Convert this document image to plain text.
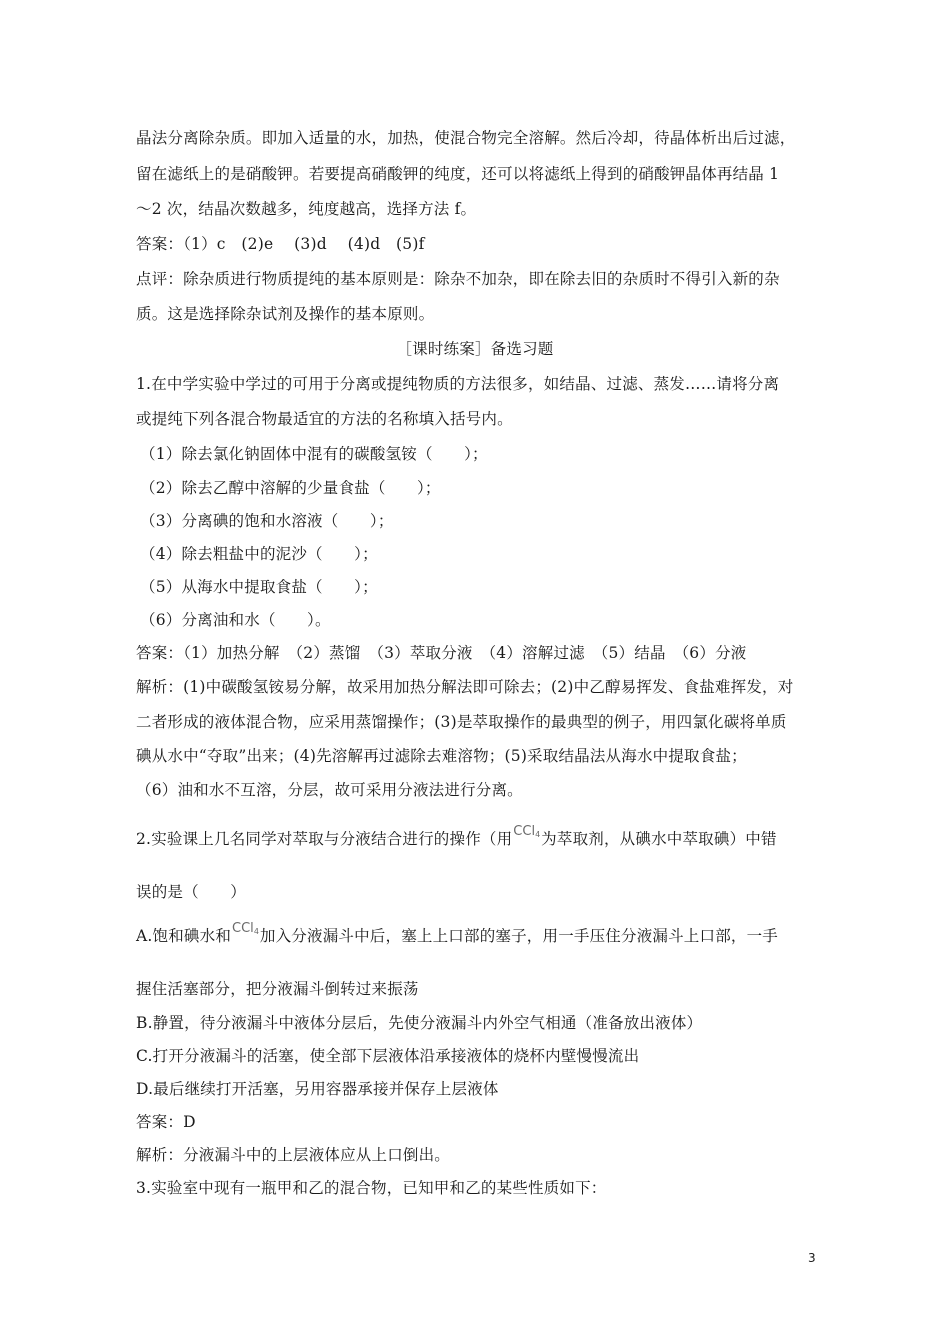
晶法分离除杂质。即加入适量的水，加热，使混合物完全溶解。然后冷却，待晶体析出后过滤，
留在滤纸上的是硝酸钾。若要提高硝酸钾的纯度，还可以将滤纸上得到的硝酸钾晶体再结晶 1
～2 次，结晶次数越多，纯度越高，选择方法 f。
答案：（1）c　(2)e　 (3)d　 (4)d　(5)f
点评：除杂质进行物质提纯的基本原则是：除杂不加杂，即在除去旧的杂质时不得引入新的杂
质。这是选择除杂试剂及操作的基本原则。
［课时练案］备选习题
1.在中学实验中学过的可用于分离或提纯物质的方法很多，如结晶、过滤、蒸发……请将分离
或提纯下列各混合物最适宜的方法的名称填入括号内。
（1）除去氯化钠固体中混有的碳酸氢铵（　　）；
（2）除去乙醇中溶解的少量食盐（　　）；
（3）分离碘的饱和水溶液（　　）；
（4）除去粗盐中的泥沙（　　）；
（5）从海水中提取食盐（　　）；
（6）分离油和水（　　）。
答案：（1）加热分解　（2）蒸馏　（3）萃取分液　（4）溶解过滤　（5）结晶　（6）分液
解析：(1)中碳酸氢铵易分解，故采用加热分解法即可除去；(2)中乙醇易挥发、食盐难挥发，对
二者形成的液体混合物，应采用蒸馏操作；(3)是萃取操作的最典型的例子，用四氯化碳将单质
碘从水中“夺取”出来；(4)先溶解再过滤除去难溶物；(5)采取结晶法从海水中提取食盐；
（6）油和水不互溶，分层，故可采用分液法进行分离。
2.实验课上几名同学对萃取与分液结合进行的操作（用CCl$_4$为萃取剂，从碘水中萃取碘）中错
误的是（　　）
A.饱和碘水和CCl$_4$加入分液漏斗中后，塞上上口部的塞子，用一手压住分液漏斗上口部，一手
握住活塞部分，把分液漏斗倒转过来振荡
B.静置，待分液漏斗中液体分层后，先使分液漏斗内外空气相通（准备放出液体）
C.打开分液漏斗的活塞，使全部下层液体沿承接液体的烧杯内壁慢慢流出
D.最后继续打开活塞，另用容器承接并保存上层液体
答案：D
解析：分液漏斗中的上层液体应从上口倒出。
3.实验室中现有一瓶甲和乙的混合物，已知甲和乙的某些性质如下：
3
